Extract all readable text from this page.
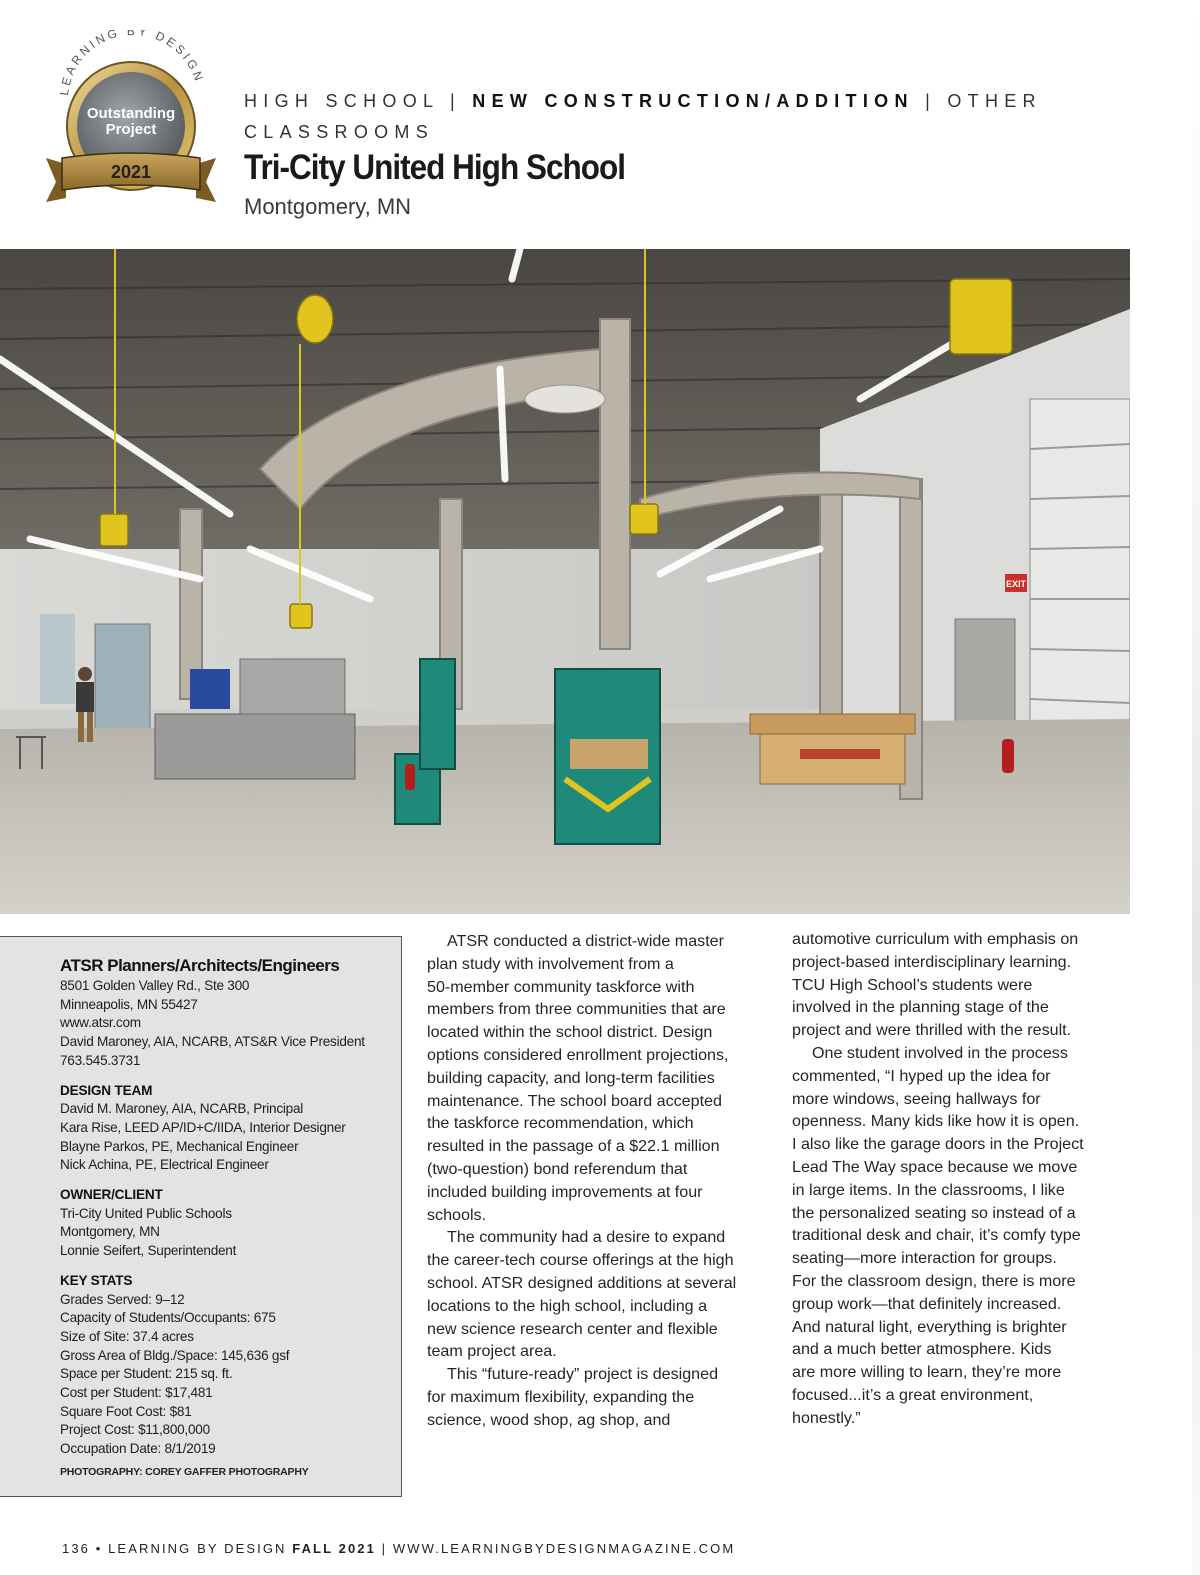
LEARNING BY DESIGN
Outstanding
Project
2021
HIGH SCHOOL | NEW CONSTRUCTION/ADDITION | OTHER CLASSROOMS
Tri-City United High School
Montgomery, MN
EXIT
ATSR Planners/Architects/Engineers
8501 Golden Valley Rd., Ste 300
Minneapolis, MN 55427
www.atsr.com
David Maroney, AIA, NCARB, ATS&R Vice President
763.545.3731
DESIGN TEAM
David M. Maroney, AIA, NCARB, Principal
Kara Rise, LEED AP/ID+C/IIDA, Interior Designer
Blayne Parkos, PE, Mechanical Engineer
Nick Achina, PE, Electrical Engineer
OWNER/CLIENT
Tri-City United Public Schools
Montgomery, MN
Lonnie Seifert, Superintendent
KEY STATS
Grades Served: 9–12
Capacity of Students/Occupants: 675
Size of Site: 37.4 acres
Gross Area of Bldg./Space: 145,636 gsf
Space per Student: 215 sq. ft.
Cost per Student: $17,481
Square Foot Cost: $81
Project Cost: $11,800,000
Occupation Date: 8/1/2019
PHOTOGRAPHY: COREY GAFFER PHOTOGRAPHY

ATSR conducted a district-wide master

plan study with involvement from a

50-member community taskforce with

members from three communities that are

located within the school district. Design

options considered enrollment projections,

building capacity, and long-term facilities

maintenance. The school board accepted

the taskforce recommendation, which

resulted in the passage of a $22.1 million

(two-question) bond referendum that

included building improvements at four

schools.

The community had a desire to expand

the career-tech course offerings at the high

school. ATSR designed additions at several

locations to the high school, including a

new science research center and flexible

team project area.

This “future-ready” project is designed

for maximum flexibility, expanding the

science, wood shop, ag shop, and

automotive curriculum with emphasis on

project-based interdisciplinary learning.

TCU High School’s students were

involved in the planning stage of the

project and were thrilled with the result.

One student involved in the process

commented, “I hyped up the idea for

more windows, seeing hallways for

openness. Many kids like how it is open.

I also like the garage doors in the Project

Lead The Way space because we move

in large items. In the classrooms, I like

the personalized seating so instead of a

traditional desk and chair, it’s comfy type

seating—more interaction for groups.

For the classroom design, there is more

group work—that definitely increased.

And natural light, everything is brighter

and a much better atmosphere. Kids

are more willing to learn, they’re more

focused...it’s a great environment,

honestly.”

136 • LEARNING BY DESIGN FALL 2021 | WWW.LEARNINGBYDESIGNMAGAZINE.COM
